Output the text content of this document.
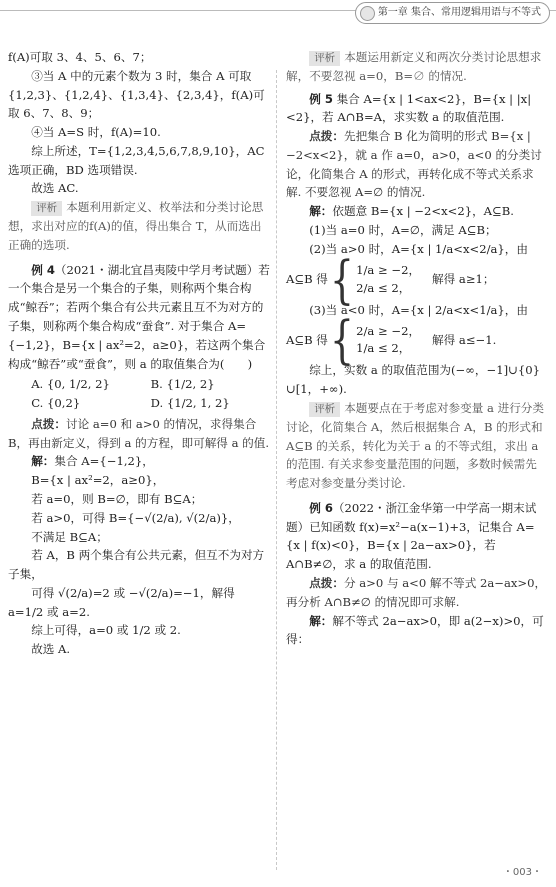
第一章 集合、常用逻辑用语与不等式

f(A)可取 3、4、5、6、7；

③当 A 中的元素个数为 3 时，集合 A 可取{1,2,3}、{1,2,4}、{1,3,4}、{2,3,4}，f(A)可取 6、7、8、9；

④当 A=S 时，f(A)=10.

综上所述，T={1,2,3,4,5,6,7,8,9,10}，AC 选项正确，BD 选项错误.

故选 AC.

评析 本题利用新定义、枚举法和分类讨论思想，求出对应的f(A)的值，得出集合 T，从而选出正确的选项.

例 4（2021・湖北宜昌夷陵中学月考试题）若一个集合是另一个集合的子集，则称两个集合构成“鲸吞”；若两个集合有公共元素且互不为对方的子集，则称两个集合构成“蚕食”. 对于集合 A={−1,2}，B={x | ax²=2，a≥0}，若这两个集合构成“鲸吞”或“蚕食”，则 a 的取值集合为(　　)

A. {0, 1/2, 2}	B. {1/2, 2}
C. {0,2}	D. {1/2, 1, 2}

点拨：讨论 a=0 和 a>0 的情况，求得集合 B，再由新定义，得到 a 的方程，即可解得 a 的值.

解：集合 A={−1,2}，

B={x | ax²=2，a≥0}，

若 a=0，则 B=∅，即有 B⊆A；

若 a>0，可得 B={−√(2/a), √(2/a)}，

不满足 B⊆A；

若 A，B 两个集合有公共元素，但互不为对方子集，

可得 √(2/a)=2 或 −√(2/a)=−1，解得 a=1/2 或 a=2.

综上可得，a=0 或 1/2 或 2.

故选 A.

评析 本题运用新定义和两次分类讨论思想求解，不要忽视 a=0，B=∅ 的情况.

例 5 集合 A={x | 1<ax<2}，B={x | |x|<2}，若 A∩B=A，求实数 a 的取值范围.

点拨：先把集合 B 化为简明的形式 B={x | −2<x<2}，就 a 作 a=0，a>0，a<0 的分类讨论，化简集合 A 的形式，再转化成不等式关系求解. 不要忽视 A=∅ 的情况.

解：依题意 B={x | −2<x<2}，A⊆B.

(1)当 a=0 时，A=∅，满足 A⊆B；

(2)当 a>0 时，A={x | 1/a<x<2/a}，由

A⊆B 得 { 1/a ≥ −2，
2/a ≤ 2，
解得 a≥1；

(3)当 a<0 时，A={x | 2/a<x<1/a}，由

A⊆B 得 { 2/a ≥ −2，
1/a ≤ 2，
解得 a≤−1.

综上，实数 a 的取值范围为(−∞，−1]∪{0}∪[1，+∞).

评析 本题要点在于考虑对参变量 a 进行分类讨论，化简集合 A，然后根据集合 A，B 的形式和 A⊆B 的关系，转化为关于 a 的不等式组，求出 a 的范围. 有关求参变量范围的问题，多数时候需先考虑对参变量分类讨论.

例 6（2022・浙江金华第一中学高一期末试题）已知函数 f(x)=x²−a(x−1)+3，记集合 A={x | f(x)<0}，B={x | 2a−ax>0}，若 A∩B≠∅，求 a 的取值范围.

点拨：分 a>0 与 a<0 解不等式 2a−ax>0，再分析 A∩B≠∅ 的情况即可求解.

解：解不等式 2a−ax>0，即 a(2−x)>0，可得：

・003・
